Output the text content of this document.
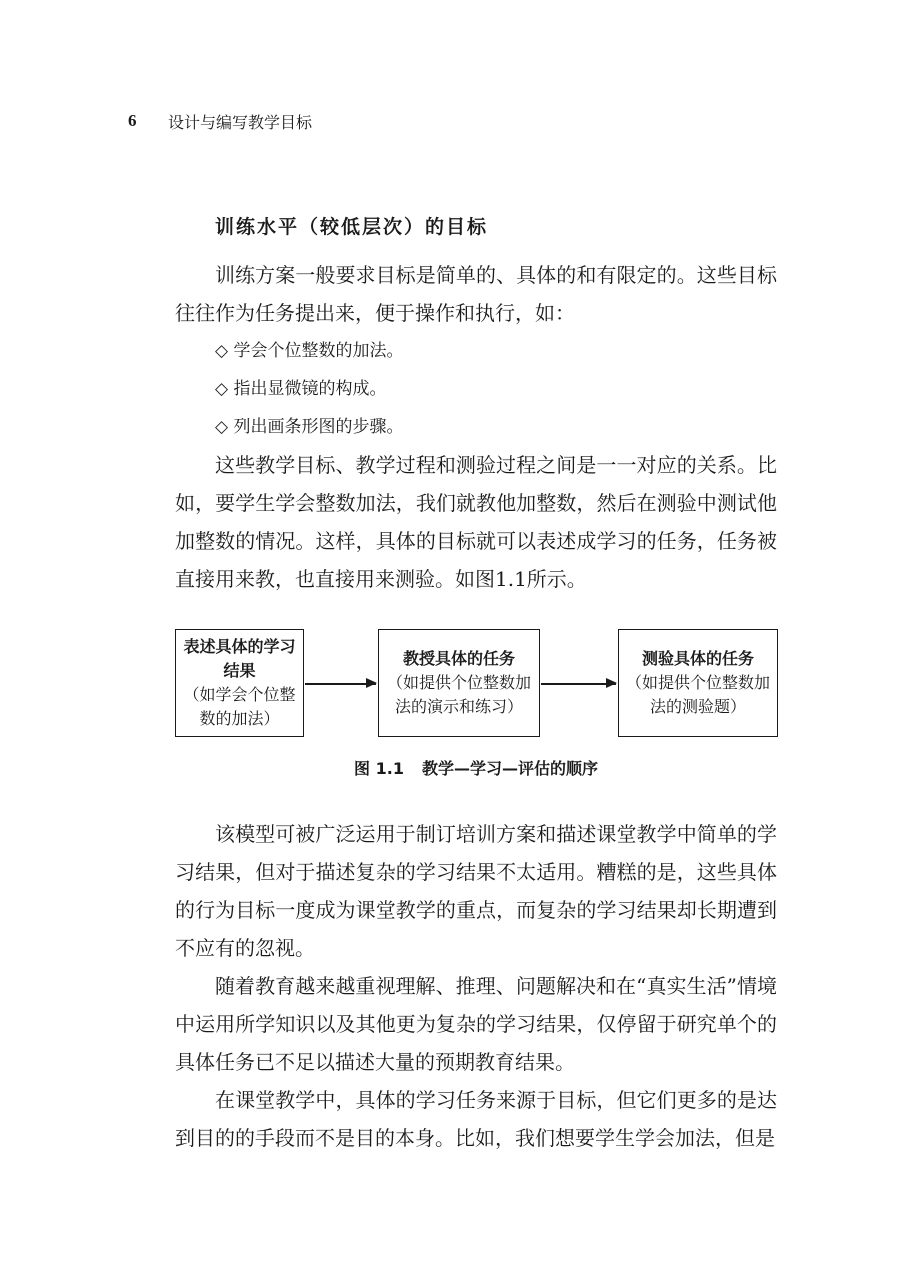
6	设计与编写教学目标
训练水平（较低层次）的目标

训练方案一般要求目标是简单的、具体的和有限定的。这些目标往往作为任务提出来，便于操作和执行，如：

◇ 学会个位整数的加法。
◇ 指出显微镜的构成。
◇ 列出画条形图的步骤。

这些教学目标、教学过程和测验过程之间是一一对应的关系。比如，要学生学会整数加法，我们就教他加整数，然后在测验中测试他加整数的情况。这样，具体的目标就可以表述成学习的任务，任务被直接用来教，也直接用来测验。如图1.1所示。

表述具体的学习结果
（如学会个位整数的加法）
教授具体的任务
（如提供个位整数加法的演示和练习）
测验具体的任务
（如提供个位整数加法的测验题）
图 1.1 教学—学习—评估的顺序

该模型可被广泛运用于制订培训方案和描述课堂教学中简单的学习结果，但对于描述复杂的学习结果不太适用。糟糕的是，这些具体的行为目标一度成为课堂教学的重点，而复杂的学习结果却长期遭到不应有的忽视。

随着教育越来越重视理解、推理、问题解决和在“真实生活”情境中运用所学知识以及其他更为复杂的学习结果，仅停留于研究单个的具体任务已不足以描述大量的预期教育结果。

在课堂教学中，具体的学习任务来源于目标，但它们更多的是达到目的的手段而不是目的本身。比如，我们想要学生学会加法，但是
